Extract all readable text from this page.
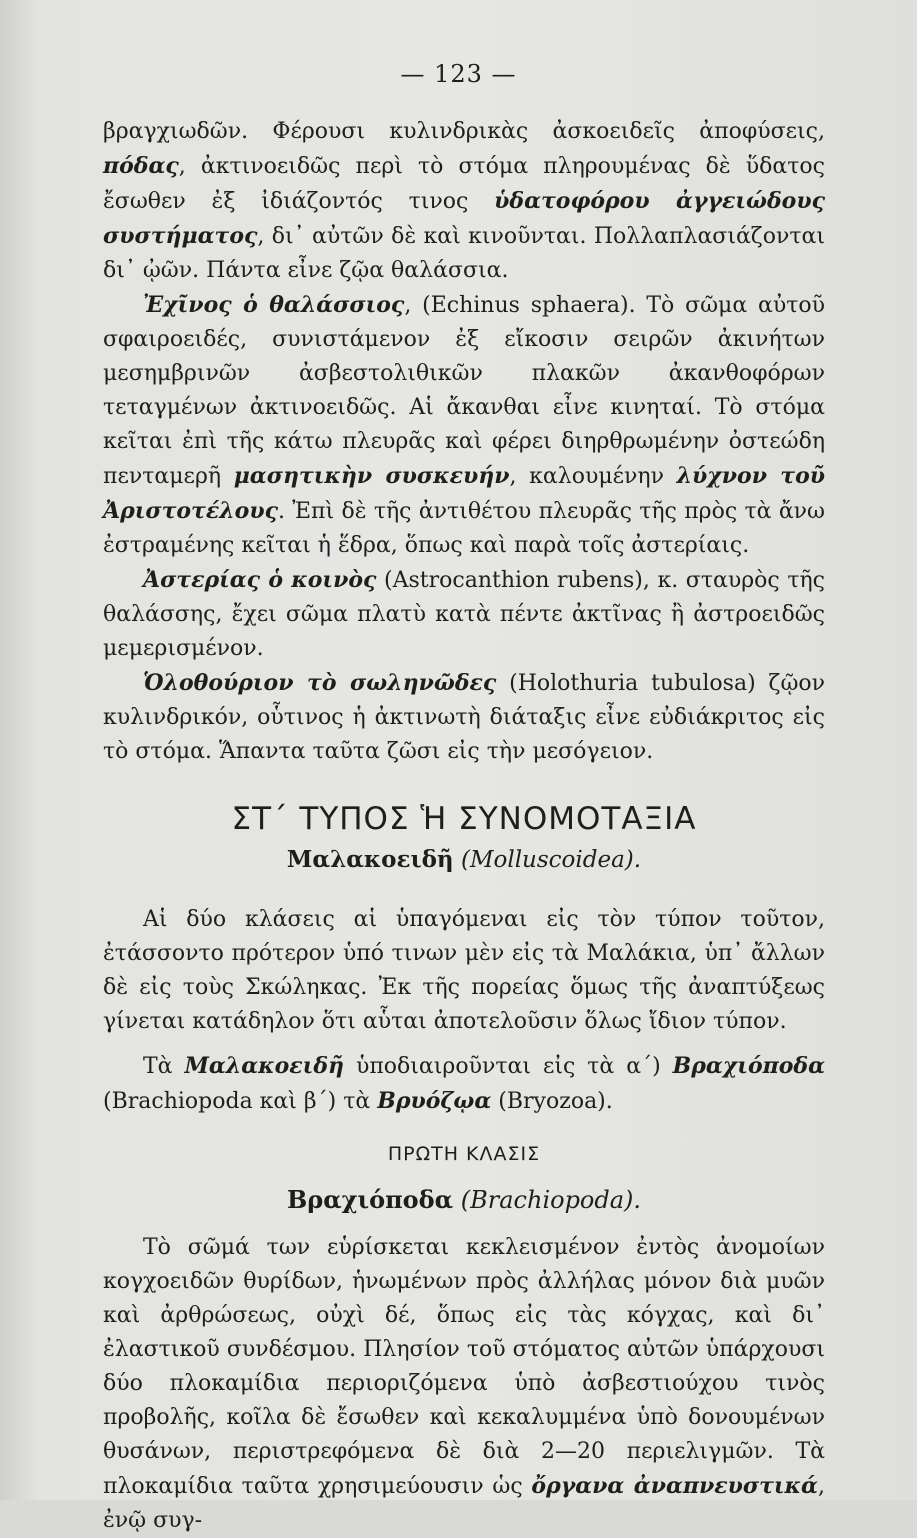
— 123 —

βραγχιωδῶν. Φέρουσι κυλινδρικὰς ἀσκοειδεῖς ἀποφύσεις, πόδας, ἀκτινοειδῶς περὶ τὸ στόμα πληρουμένας δὲ ὕδατος ἔσωθεν ἐξ ἰδιάζοντός τινος ὑδατοφόρου ἀγγειώδους συστήματος, δι᾿ αὐτῶν δὲ καὶ κινοῦνται. Πολλαπλασιάζονται δι᾿ ᾠῶν. Πάντα εἶνε ζῷα θαλάσσια.

Ἐχῖνος ὁ θαλάσσιος, (Echinus sphaera). Τὸ σῶμα αὐτοῦ σφαιροειδές, συνιστάμενον ἐξ εἴκοσιν σειρῶν ἀκινήτων μεσημβρινῶν ἀσβεστολιθικῶν πλακῶν ἀκανθοφόρων τεταγμένων ἀκτινοειδῶς. Αἱ ἄκανθαι εἶνε κινηταί. Τὸ στόμα κεῖται ἐπὶ τῆς κάτω πλευρᾶς καὶ φέρει διηρθρωμένην ὀστεώδη πενταμερῆ μασητικὴν συσκευήν, καλουμένην λύχνον τοῦ Ἀριστοτέλους. Ἐπὶ δὲ τῆς ἀντιθέτου πλευρᾶς τῆς πρὸς τὰ ἄνω ἐστραμένης κεῖται ἡ ἕδρα, ὅπως καὶ παρὰ τοῖς ἀστερίαις.

Ἀστερίας ὁ κοινὸς (Astrocanthion rubens), κ. σταυρὸς τῆς θαλάσσης, ἔχει σῶμα πλατὺ κατὰ πέντε ἀκτῖνας ἢ ἀστροειδῶς μεμερισμένον.

Ὁλοθούριον τὸ σωληνῶδες (Holothuria tubulosa) ζῷον κυλινδρικόν, οὗτινος ἡ ἀκτινωτὴ διάταξις εἶνε εὐδιάκριτος εἰς τὸ στόμα. Ἅπαντα ταῦτα ζῶσι εἰς τὴν μεσόγειον.

ΣΤ΄ ΤΥΠΟΣ Ἡ ΣΥΝΟΜΟΤΑΞΙΑ
Μαλακοειδῆ (Molluscoidea).

Αἱ δύο κλάσεις αἱ ὑπαγόμεναι εἰς τὸν τύπον τοῦτον, ἐτάσσοντο πρότερον ὑπό τινων μὲν εἰς τὰ Μαλάκια, ὑπ᾿ ἄλλων δὲ εἰς τοὺς Σκώληκας. Ἐκ τῆς πορείας ὅμως τῆς ἀναπτύξεως γίνεται κατάδηλον ὅτι αὗται ἀποτελοῦσιν ὅλως ἴδιον τύπον.

Τὰ Μαλακοειδῆ ὑποδιαιροῦνται εἰς τὰ α΄) Βραχιόποδα (Brachiopoda καὶ β΄) τὰ Βρυόζῳα (Bryozoa).

ΠΡΩΤΗ ΚΛΑΣΙΣ
Βραχιόποδα (Brachiopoda).

Τὸ σῶμά των εὑρίσκεται κεκλεισμένον ἐντὸς ἀνομοίων κογχοειδῶν θυρίδων, ἡνωμένων πρὸς ἀλλήλας μόνον διὰ μυῶν καὶ ἀρθρώσεως, οὐχὶ δέ, ὅπως εἰς τὰς κόγχας, καὶ δι᾿ ἐλαστικοῦ συνδέσμου. Πλησίον τοῦ στόματος αὐτῶν ὑπάρχουσι δύο πλοκαμίδια περιοριζόμενα ὑπὸ ἀσβεστιούχου τινὸς προβολῆς, κοῖλα δὲ ἔσωθεν καὶ κεκαλυμμένα ὑπὸ δονουμένων θυσάνων, περιστρεφόμενα δὲ διὰ 2—20 περιελιγμῶν. Τὰ πλοκαμίδια ταῦτα χρησιμεύουσιν ὡς ὄργανα ἀναπνευστικά, ἐνῷ συγ-
